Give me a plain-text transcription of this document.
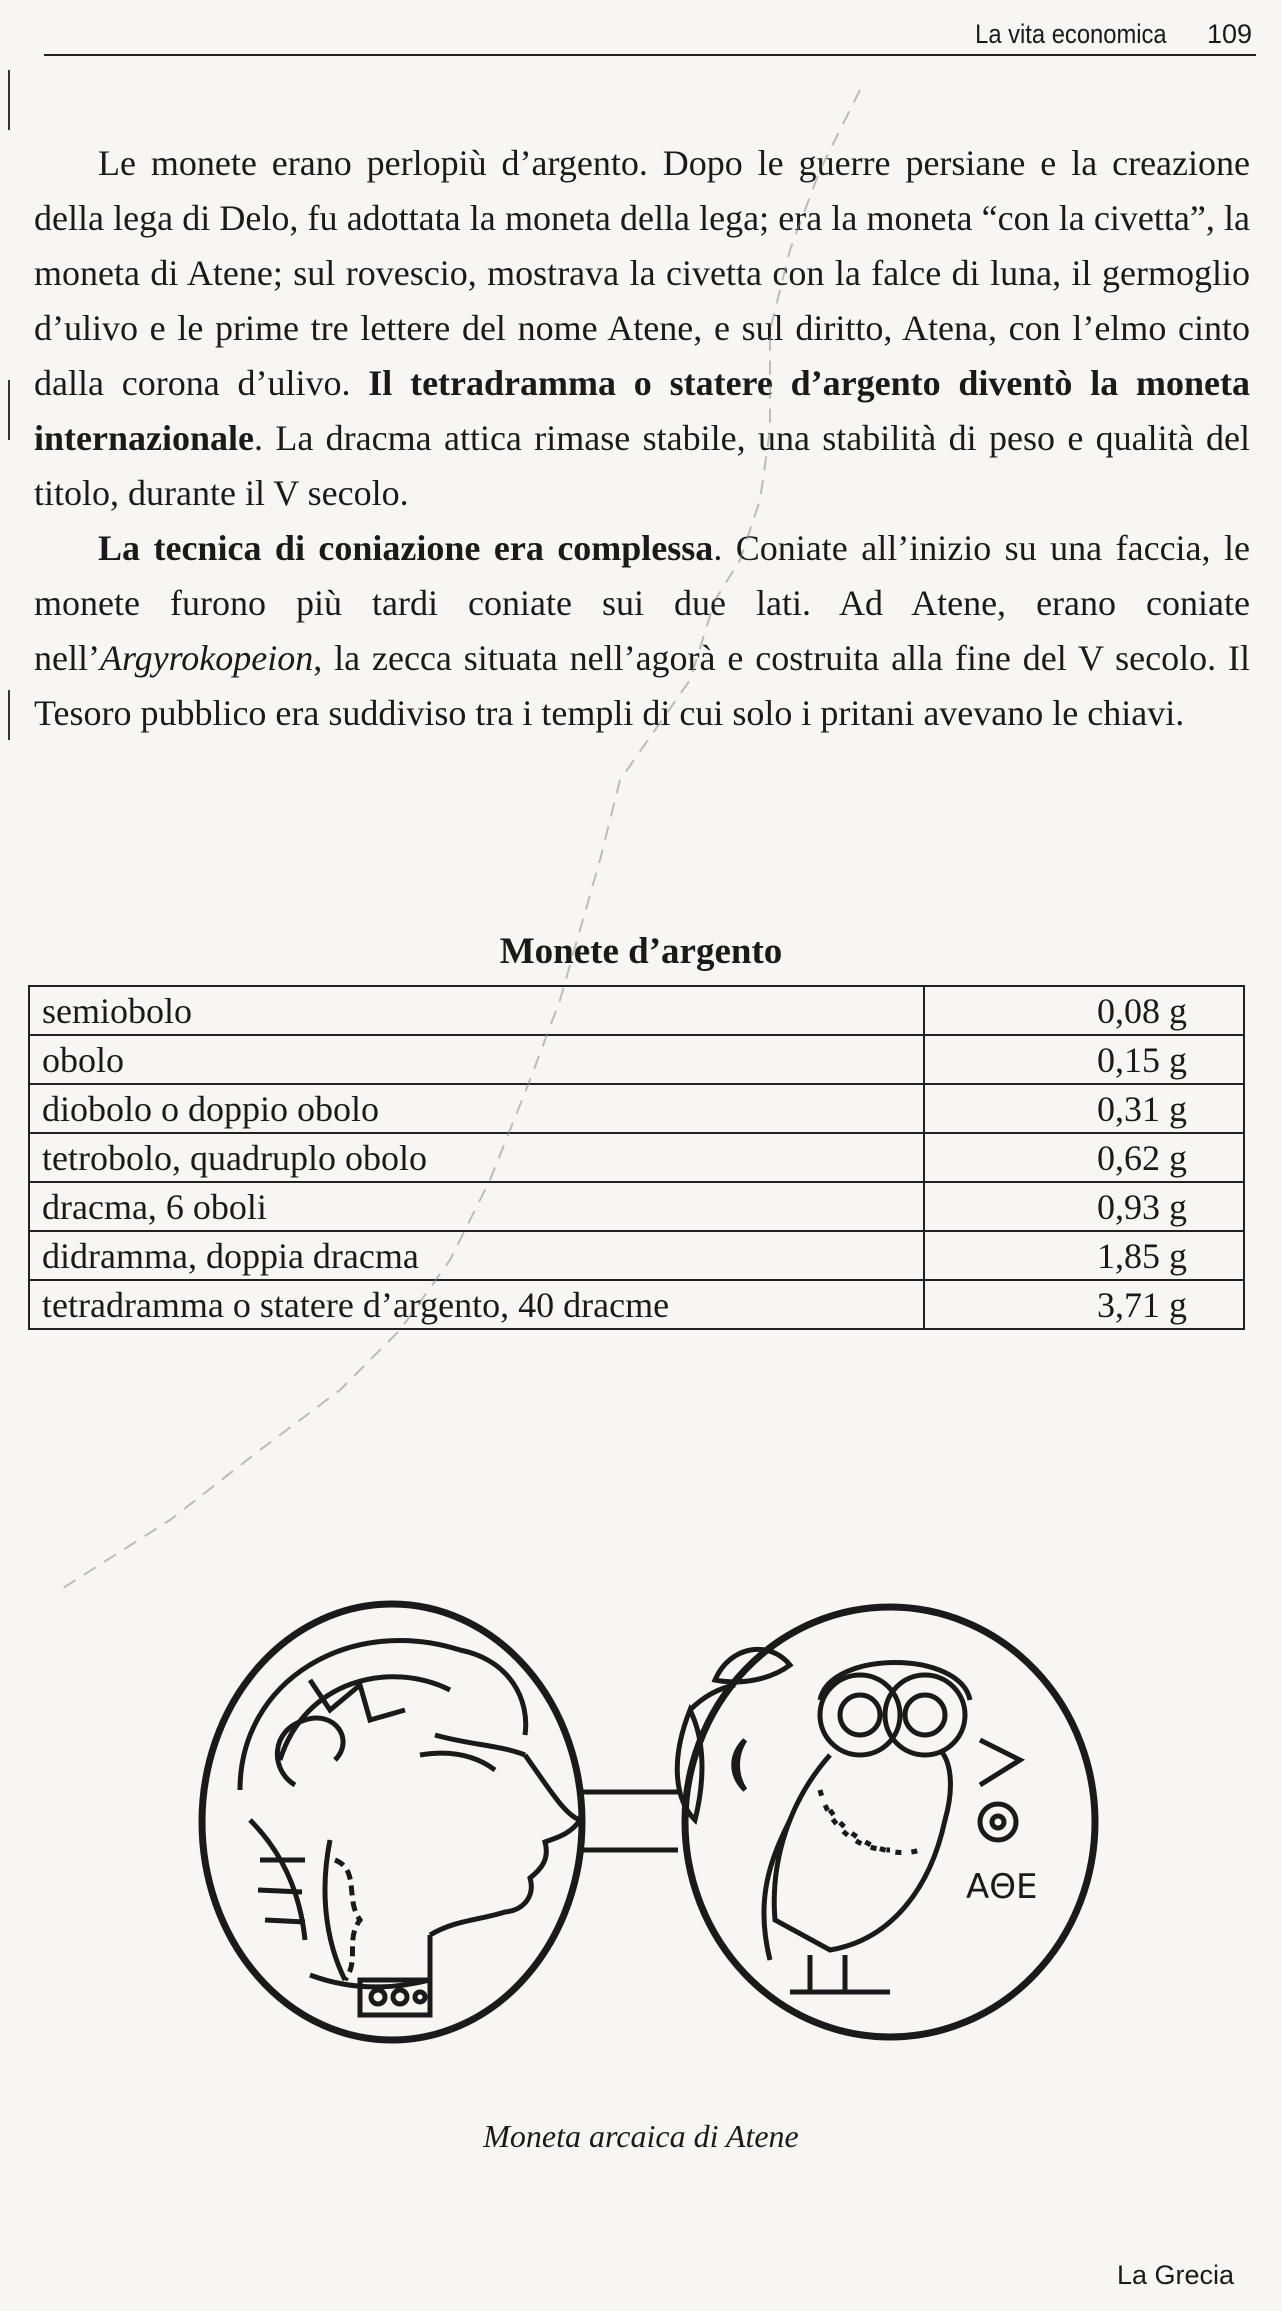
La vita economica 109

Le monete erano perlopiù d’argento. Dopo le guerre persiane e la creazione della lega di Delo, fu adottata la moneta della lega; era la moneta “con la civetta”, la moneta di Atene; sul rovescio, mostrava la civetta con la falce di luna, il germoglio d’ulivo e le prime tre lettere del nome Atene, e sul diritto, Atena, con l’elmo cinto dalla corona d’ulivo. Il tetradramma o statere d’argento diventò la moneta internazionale. La dracma attica rimase stabile, una stabilità di peso e qualità del titolo, durante il V secolo.

La tecnica di coniazione era complessa. Coniate all’inizio su una faccia, le monete furono più tardi coniate sui due lati. Ad Atene, erano coniate nell’Argyrokopeion, la zecca situata nell’agorà e costruita alla fine del V secolo. Il Tesoro pubblico era suddiviso tra i templi di cui solo i pritani avevano le chiavi.

Monete d’argento
semiobolo	0,08 g
obolo	0,15 g
diobolo o doppio obolo	0,31 g
tetrobolo, quadruplo obolo	0,62 g
dracma, 6 oboli	0,93 g
didramma, doppia dracma	1,85 g
tetradramma o statere d’argento, 40 dracme	3,71 g
ΑΘΕ
Moneta arcaica di Atene
La Grecia
